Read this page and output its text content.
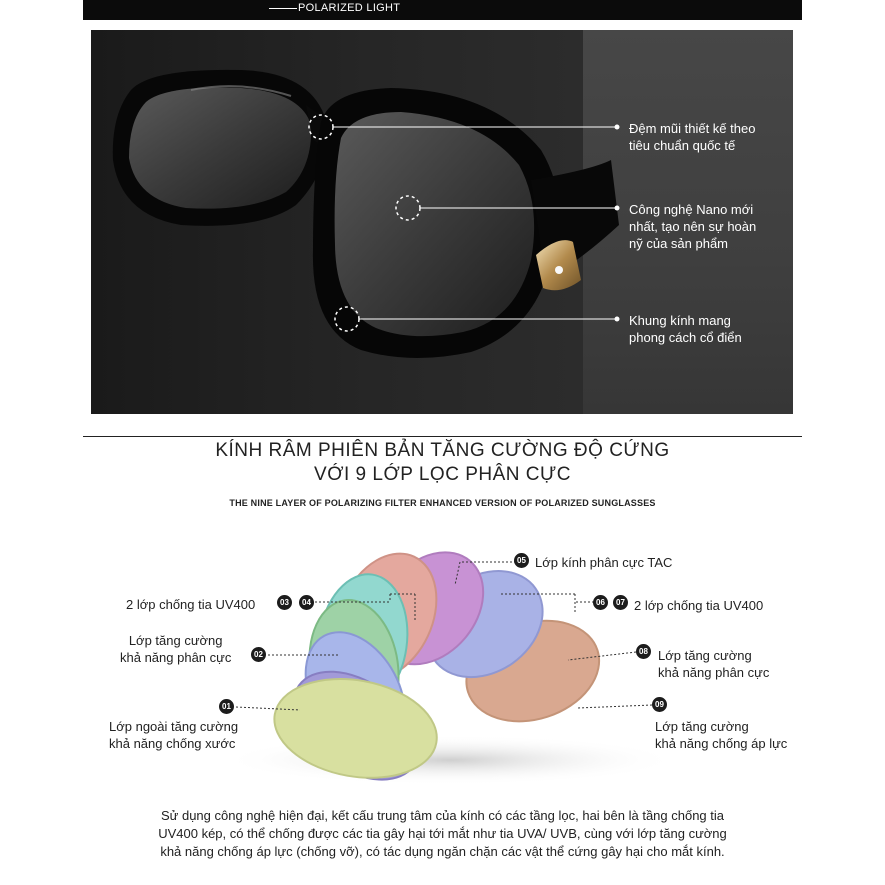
POLARIZED LIGHT
Đệm mũi thiết kế theo
tiêu chuẩn quốc tế
Công nghệ Nano mới
nhất, tạo nên sự hoàn
nỹ của sản phẩm
Khung kính mang
phong cách cổ điển
KÍNH RÂM PHIÊN BẢN TĂNG CƯỜNG ĐỘ CỨNG
VỚI 9 LỚP LỌC PHÂN CỰC
THE NINE LAYER OF POLARIZING FILTER ENHANCED VERSION OF POLARIZED SUNGLASSES
01
02
03	04
05
06	07
08
09
Lớp ngoài tăng cường
khả năng chống xước
Lớp tăng cường
khả năng phân cực
2 lớp chống tia UV400
Lớp kính phân cực TAC
2 lớp chống tia UV400
Lớp tăng cường
khả năng phân cực
Lớp tăng cường
khả năng chống áp lực
Sử dụng công nghệ hiện đại, kết cấu trung tâm của kính có các tầng lọc, hai bên là tầng chống tia
UV400 kép, có thể chống được các tia gây hại tới mắt như tia UVA/ UVB, cùng với lớp tăng cường
khả năng chống áp lực (chống vỡ), có tác dụng ngăn chặn các vật thể cứng gây hại cho mắt kính.
